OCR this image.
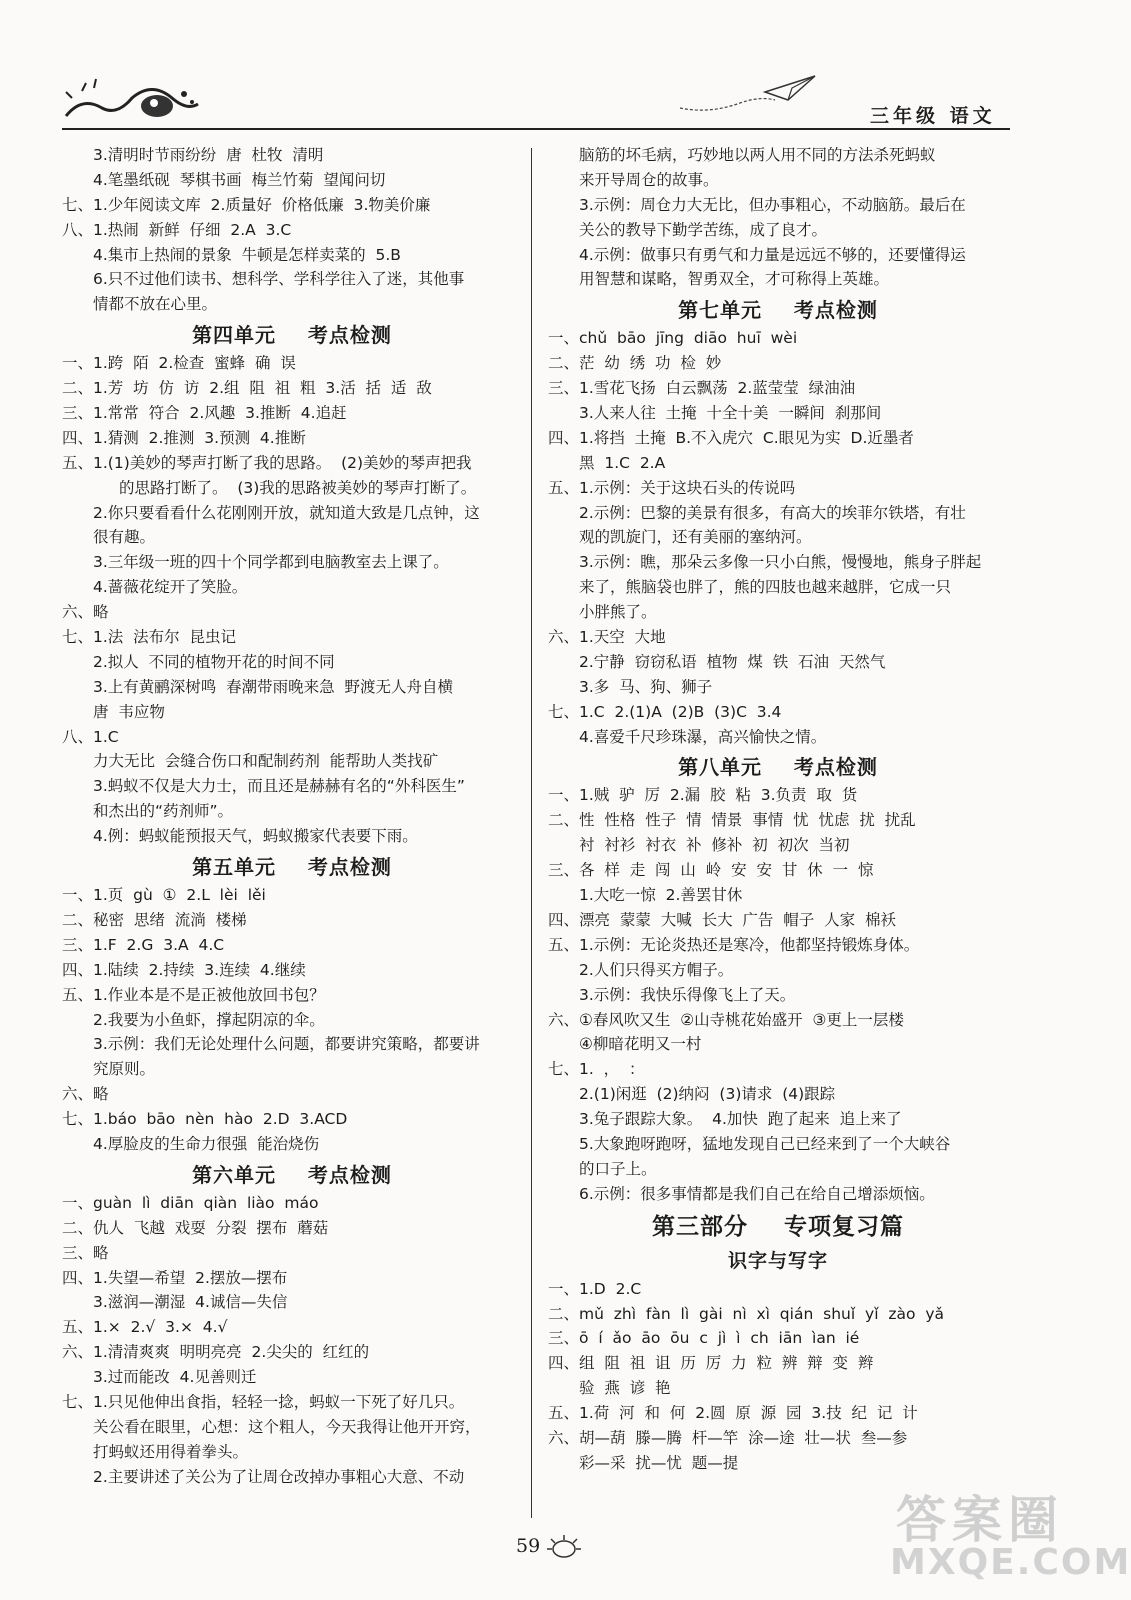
三年级 语文
3.清明时节雨纷纷  唐  杜牧  清明
4.笔墨纸砚  琴棋书画  梅兰竹菊  望闻问切
七、1.少年阅读文库  2.质量好  价格低廉  3.物美价廉
八、1.热闹  新鲜  仔细  2.A  3.C
4.集市上热闹的景象  牛顿是怎样卖菜的  5.B
6.只不过他们读书、想科学、学科学往入了迷，其他事
情都不放在心里。
第四单元    考点检测
一、1.跨  陌  2.检查  蜜蜂  确  误
二、1.芳  坊  仿  访  2.组  阻  祖  粗  3.活  括  适  敌
三、1.常常  符合  2.风趣  3.推断  4.追赶
四、1.猜测  2.推测  3.预测  4.推断
五、1.(1)美妙的琴声打断了我的思路。  (2)美妙的琴声把我
的思路打断了。  (3)我的思路被美妙的琴声打断了。
2.你只要看看什么花刚刚开放，就知道大致是几点钟，这
很有趣。
3.三年级一班的四十个同学都到电脑教室去上课了。
4.蔷薇花绽开了笑脸。
六、略
七、1.法  法布尔  昆虫记
2.拟人  不同的植物开花的时间不同
3.上有黄鹂深树鸣  春潮带雨晚来急  野渡无人舟自横
唐  韦应物
八、1.C
力大无比  会缝合伤口和配制药剂  能帮助人类找矿
3.蚂蚁不仅是大力士，而且还是赫赫有名的“外科医生”
和杰出的“药剂师”。
4.例：蚂蚁能预报天气，蚂蚁搬家代表要下雨。
第五单元    考点检测
一、1.页  gù  ①  2.L  lèi  lěi
二、秘密  思绪  流淌  楼梯
三、1.F  2.G  3.A  4.C
四、1.陆续  2.持续  3.连续  4.继续
五、1.作业本是不是正被他放回书包？
2.我要为小鱼虾，撑起阴凉的伞。
3.示例：我们无论处理什么问题，都要讲究策略，都要讲
究原则。
六、略
七、1.báo  bāo  nèn  hào  2.D  3.ACD
4.厚脸皮的生命力很强  能治烧伤
第六单元    考点检测
一、guàn  lì  diān  qiàn  liào  máo
二、仇人  飞越  戏耍  分裂  摆布  蘑菇
三、略
四、1.失望—希望  2.摆放—摆布
3.滋润—潮湿  4.诚信—失信
五、1.×  2.√  3.×  4.√
六、1.清清爽爽  明明亮亮  2.尖尖的  红红的
3.过而能改  4.见善则迁
七、1.只见他伸出食指，轻轻一捻，蚂蚁一下死了好几只。
关公看在眼里，心想：这个粗人，今天我得让他开开窍，
打蚂蚁还用得着拳头。
2.主要讲述了关公为了让周仓改掉办事粗心大意、不动
脑筋的坏毛病，巧妙地以两人用不同的方法杀死蚂蚁
来开导周仓的故事。
3.示例：周仓力大无比，但办事粗心，不动脑筋。最后在
关公的教导下勤学苦练，成了良才。
4.示例：做事只有勇气和力量是远远不够的，还要懂得运
用智慧和谋略，智勇双全，才可称得上英雄。
第七单元    考点检测
一、chǔ  bāo  jīng  diāo  huī  wèi
二、茫  幼  绣  功  检  妙
三、1.雪花飞扬  白云飘荡  2.蓝莹莹  绿油油
3.人来人往  土掩  十全十美  一瞬间  刹那间
四、1.将挡  土掩  B.不入虎穴  C.眼见为实  D.近墨者
黑  1.C  2.A
五、1.示例：关于这块石头的传说吗
2.示例：巴黎的美景有很多，有高大的埃菲尔铁塔，有壮
观的凯旋门，还有美丽的塞纳河。
3.示例：瞧，那朵云多像一只小白熊，慢慢地，熊身子胖起
来了，熊脑袋也胖了，熊的四肢也越来越胖，它成一只
小胖熊了。
六、1.天空  大地
2.宁静  窃窃私语  植物  煤  铁  石油  天然气
3.多  马、狗、狮子
七、1.C  2.(1)A  (2)B  (3)C  3.4
4.喜爱千尺珍珠瀑，高兴愉快之情。
第八单元    考点检测
一、1.贼  驴  厉  2.漏  胶  粘  3.负责  取  货
二、性  性格  性子  情  情景  事情  忧  忧虑  扰  扰乱
衬  衬衫  衬衣  补  修补  初  初次  当初
三、各  样  走  闯  山  岭  安  安  甘  休  一  惊
1.大吃一惊  2.善罢甘休
四、漂亮  蒙蒙  大喊  长大  广告  帽子  人家  棉袄
五、1.示例：无论炎热还是寒冷，他都坚持锻炼身体。
2.人们只得买方帽子。
3.示例：我快乐得像飞上了天。
六、①春风吹又生  ②山寺桃花始盛开  ③更上一层楼
④柳暗花明又一村
七、1.  ，  ：
2.(1)闲逛  (2)纳闷  (3)请求  (4)跟踪
3.兔子跟踪大象。  4.加快  跑了起来  追上来了
5.大象跑呀跑呀，猛地发现自己已经来到了一个大峡谷
的口子上。
6.示例：很多事情都是我们自己在给自己增添烦恼。
第三部分    专项复习篇
识字与写字
一、1.D  2.C
二、mǔ  zhì  fàn  lì  gài  nì  xì  qián  shuǐ  yǐ  zào  yǎ
三、ō  í  ǎo  āo  ōu  c  jì  ì  ch  iān  ìan  ié
四、组  阻  祖  诅  历  厉  力  粒  辨  辩  变  辫
验  燕  谚  艳
五、1.荷  河  和  何  2.圆  原  源  园  3.技  纪  记  计
六、胡—葫  滕—腾  杆—竿  涂—途  壮—状  叁—参
彩—采  扰—忧  题—提
59	答案圈
MXQE.COM
